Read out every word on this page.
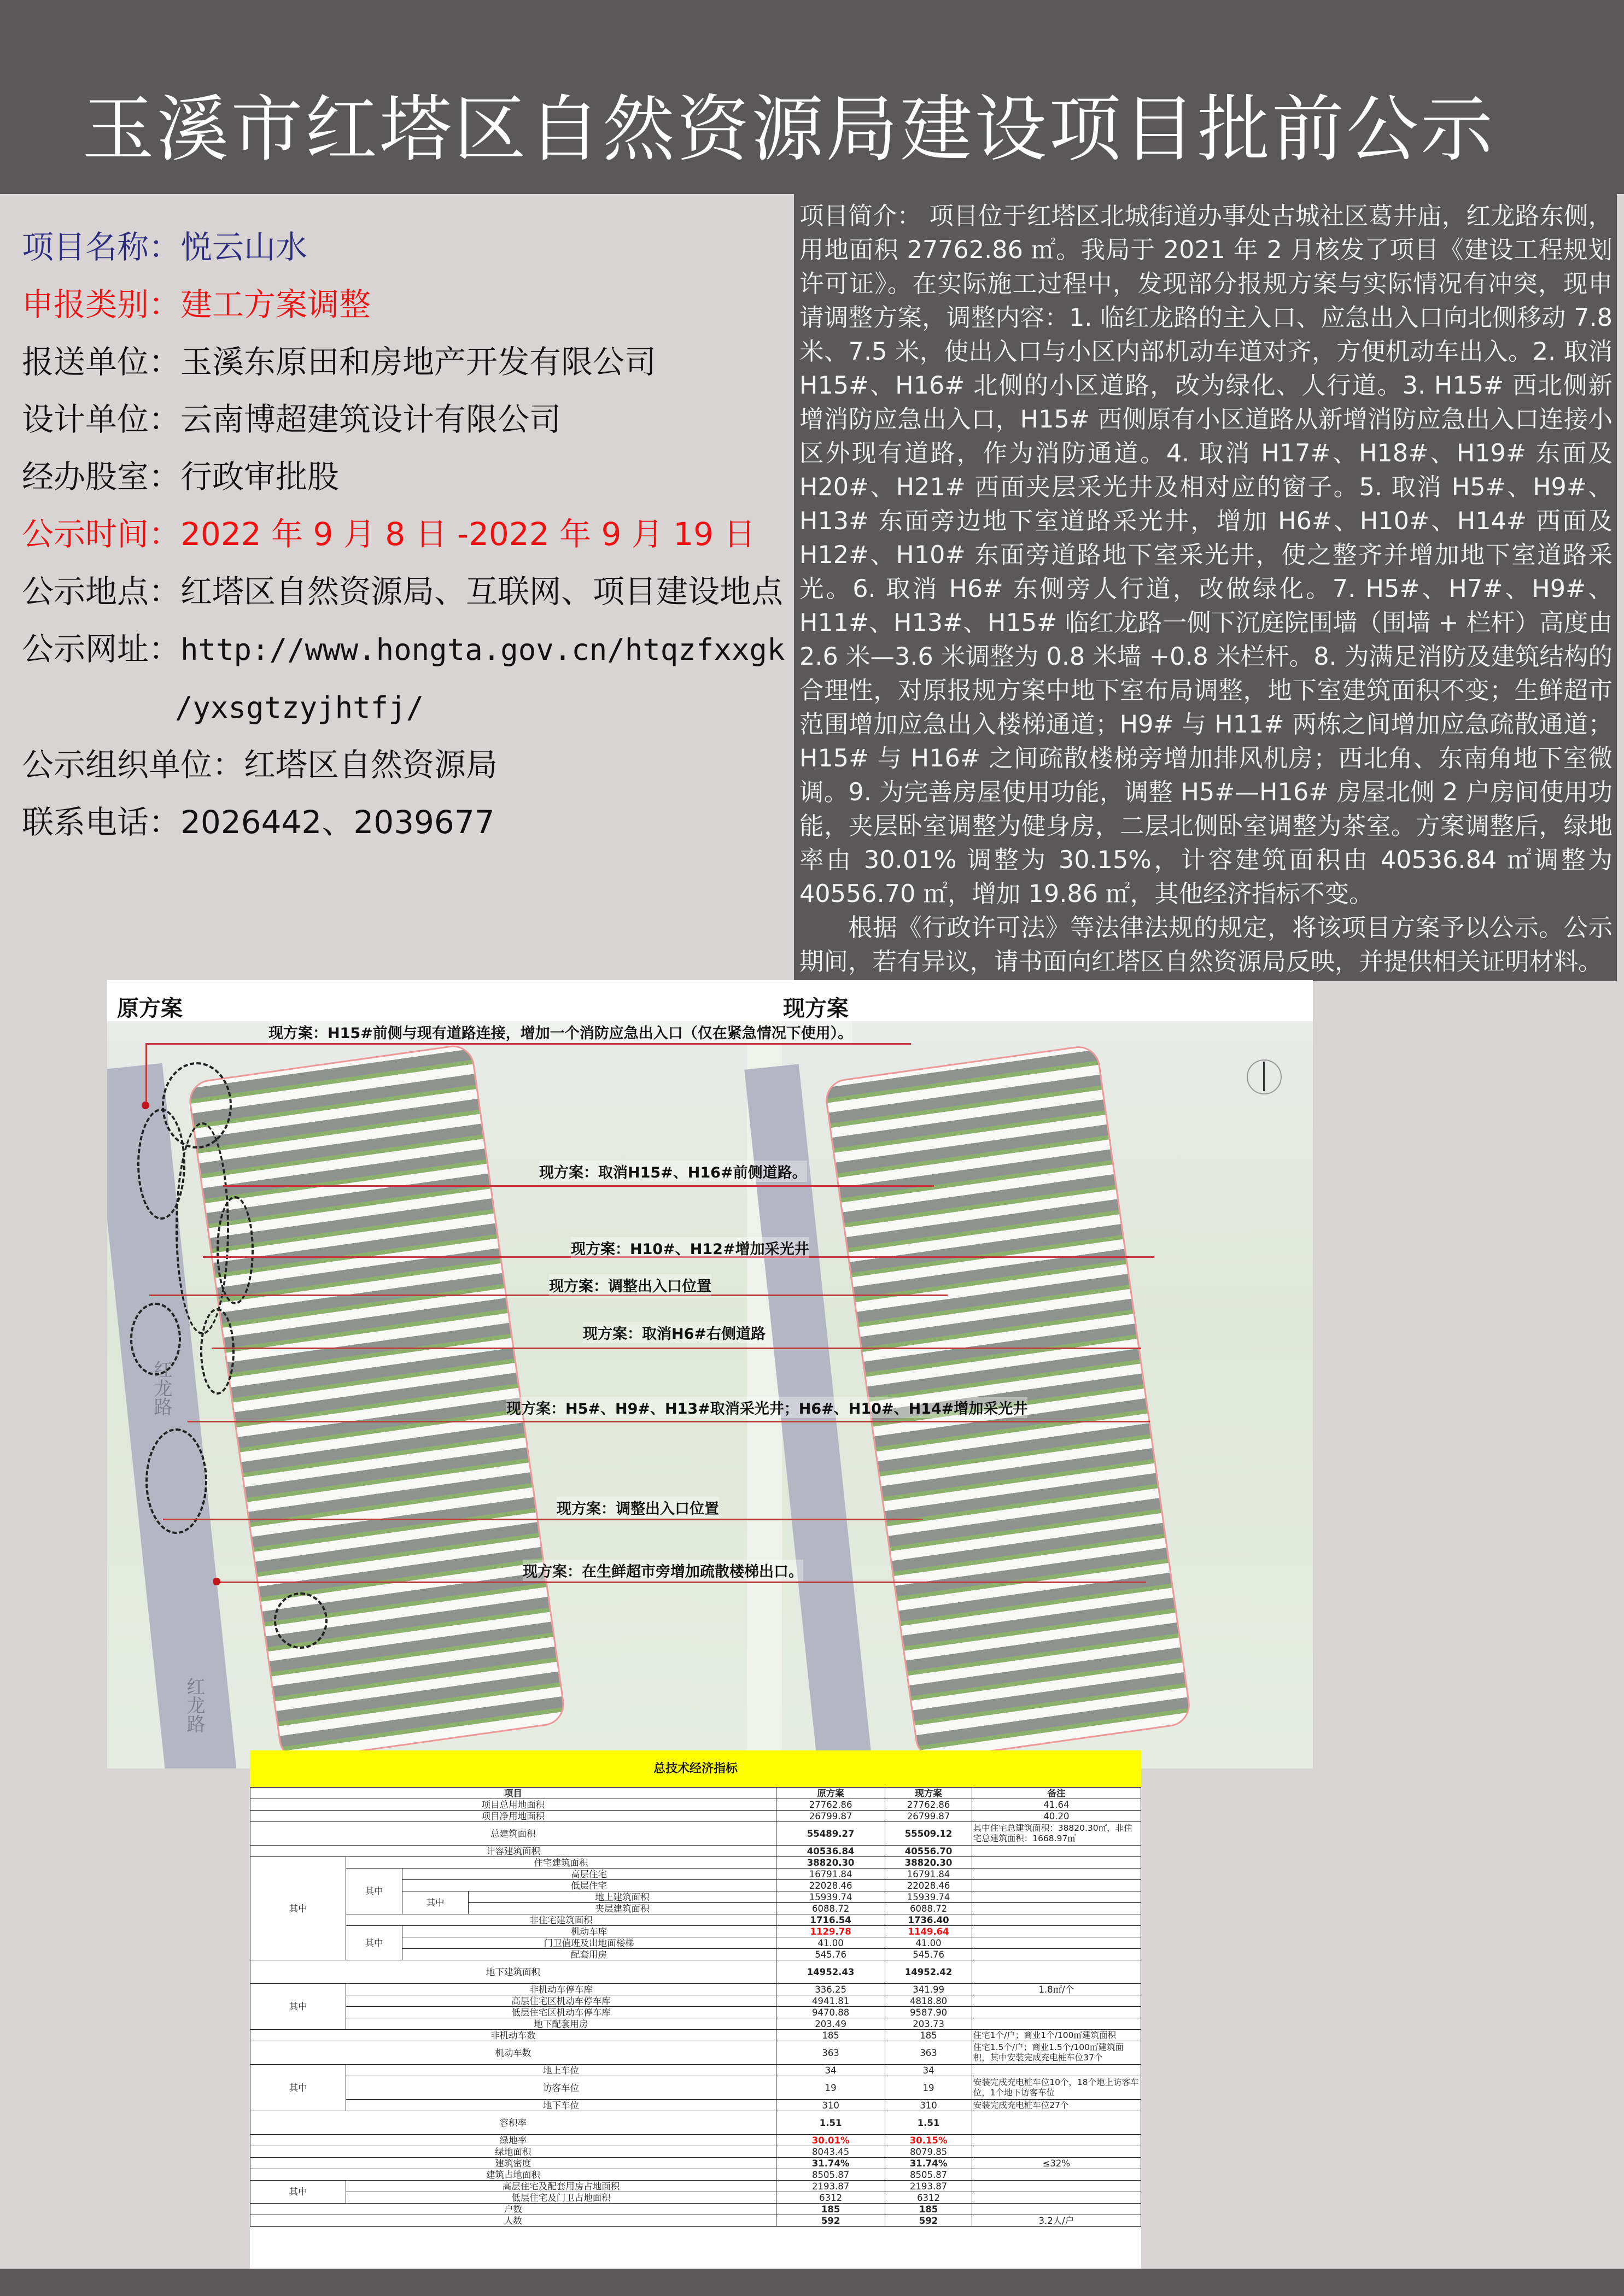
玉溪市红塔区自然资源局建设项目批前公示
项目名称：悦云山水
申报类别：建工方案调整
报送单位：玉溪东原田和房地产开发有限公司
设计单位：云南博超建筑设计有限公司
经办股室：行政审批股
公示时间：2022 年 9 月 8 日 -2022 年 9 月 19 日
公示地点：红塔区自然资源局、互联网、项目建设地点
公示网址：http://www.hongta.gov.cn/htqzfxxgk
/yxsgtzyjhtfj/
公示组织单位：红塔区自然资源局
联系电话：2026442、2039677

项目简介： 项目位于红塔区北城街道办事处古城社区葛井庙，红龙路东侧，用地面积 27762.86 ㎡。我局于 2021 年 2 月核发了项目《建设工程规划许可证》。在实际施工过程中，发现部分报规方案与实际情况有冲突，现申请调整方案，调整内容：1. 临红龙路的主入口、应急出入口向北侧移动 7.8 米、7.5 米，使出入口与小区内部机动车道对齐，方便机动车出入。2. 取消 H15#、H16# 北侧的小区道路，改为绿化、人行道。3. H15# 西北侧新增消防应急出入口，H15# 西侧原有小区道路从新增消防应急出入口连接小区外现有道路，作为消防通道。4. 取消 H17#、H18#、H19# 东面及 H20#、H21# 西面夹层采光井及相对应的窗子。5. 取消 H5#、H9#、H13# 东面旁边地下室道路采光井，增加 H6#、H10#、H14# 西面及 H12#、H10# 东面旁道路地下室采光井，使之整齐并增加地下室道路采光。6. 取消 H6# 东侧旁人行道，改做绿化。7. H5#、H7#、H9#、H11#、H13#、H15# 临红龙路一侧下沉庭院围墙（围墙 + 栏杆）高度由 2.6 米—3.6 米调整为 0.8 米墙 +0.8 米栏杆。8. 为满足消防及建筑结构的合理性，对原报规方案中地下室布局调整，地下室建筑面积不变；生鲜超市范围增加应急出入楼梯通道；H9# 与 H11# 两栋之间增加应急疏散通道；H15# 与 H16# 之间疏散楼梯旁增加排风机房；西北角、东南角地下室微调。9. 为完善房屋使用功能，调整 H5#—H16# 房屋北侧 2 户房间使用功能，夹层卧室调整为健身房，二层北侧卧室调整为茶室。方案调整后，绿地率由 30.01% 调整为 30.15%，计容建筑面积由 40536.84 ㎡调整为 40556.70 ㎡，增加 19.86 ㎡，其他经济指标不变。

根据《行政许可法》等法律法规的规定，将该项目方案予以公示。公示期间，若有异议，请书面向红塔区自然资源局反映，并提供相关证明材料。

原方案	现方案
红龙路
红龙路
现方案：H15#前侧与现有道路连接，增加一个消防应急出入口（仅在紧急情况下使用）。
现方案：取消H15#、H16#前侧道路。
现方案：H10#、H12#增加采光井
现方案：调整出入口位置
现方案：取消H6#右侧道路
现方案：H5#、H9#、H13#取消采光井；H6#、H10#、H14#增加采光井
现方案：调整出入口位置
现方案：在生鲜超市旁增加疏散楼梯出口。
总技术经济指标
项目				原方案	现方案	备注
项目总用地面积				27762.86	27762.86	41.64
项目净用地面积				26799.87	26799.87	40.20
总建筑面积				55489.27	55509.12	其中住宅总建筑面积：38820.30㎡，非住宅总建筑面积：1668.97㎡
计容建筑面积				40536.84	40556.70	
其中	住宅建筑面积			38820.30	38820.30	
	其中	高层住宅		16791.84	16791.84	
		低层住宅		22028.46	22028.46	
		其中	地上建筑面积	15939.74	15939.74	
			夹层建筑面积	6088.72	6088.72	
	非住宅建筑面积			1716.54	1736.40	
	其中	机动车库		1129.78	1149.64	
		门卫值班及出地面楼梯		41.00	41.00	
		配套用房		545.76	545.76	
地下建筑面积				14952.43	14952.42	
其中	非机动车停车库			336.25	341.99	1.8㎡/个
	高层住宅区机动车停车库			4941.81	4818.80	
	低层住宅区机动车停车库			9470.88	9587.90	
	地下配套用房			203.49	203.73	
非机动车数				185	185	住宅1个/户；商业1个/100㎡建筑面积
机动车数				363	363	住宅1.5个/户；商业1.5个/100㎡建筑面积，其中安装完成充电桩车位37个
其中	地上车位			34	34	
	访客车位			19	19	安装完成充电桩车位10个，18个地上访客车位，1个地下访客车位
	地下车位			310	310	安装完成充电桩车位27个
容积率				1.51	1.51	
绿地率				30.01%	30.15%	
绿地面积				8043.45	8079.85	
建筑密度				31.74%	31.74%	≤32%
建筑占地面积				8505.87	8505.87	
其中	高层住宅及配套用房占地面积			2193.87	2193.87	
	低层住宅及门卫占地面积			6312	6312	
户数				185	185	
人数				592	592	3.2人/户
